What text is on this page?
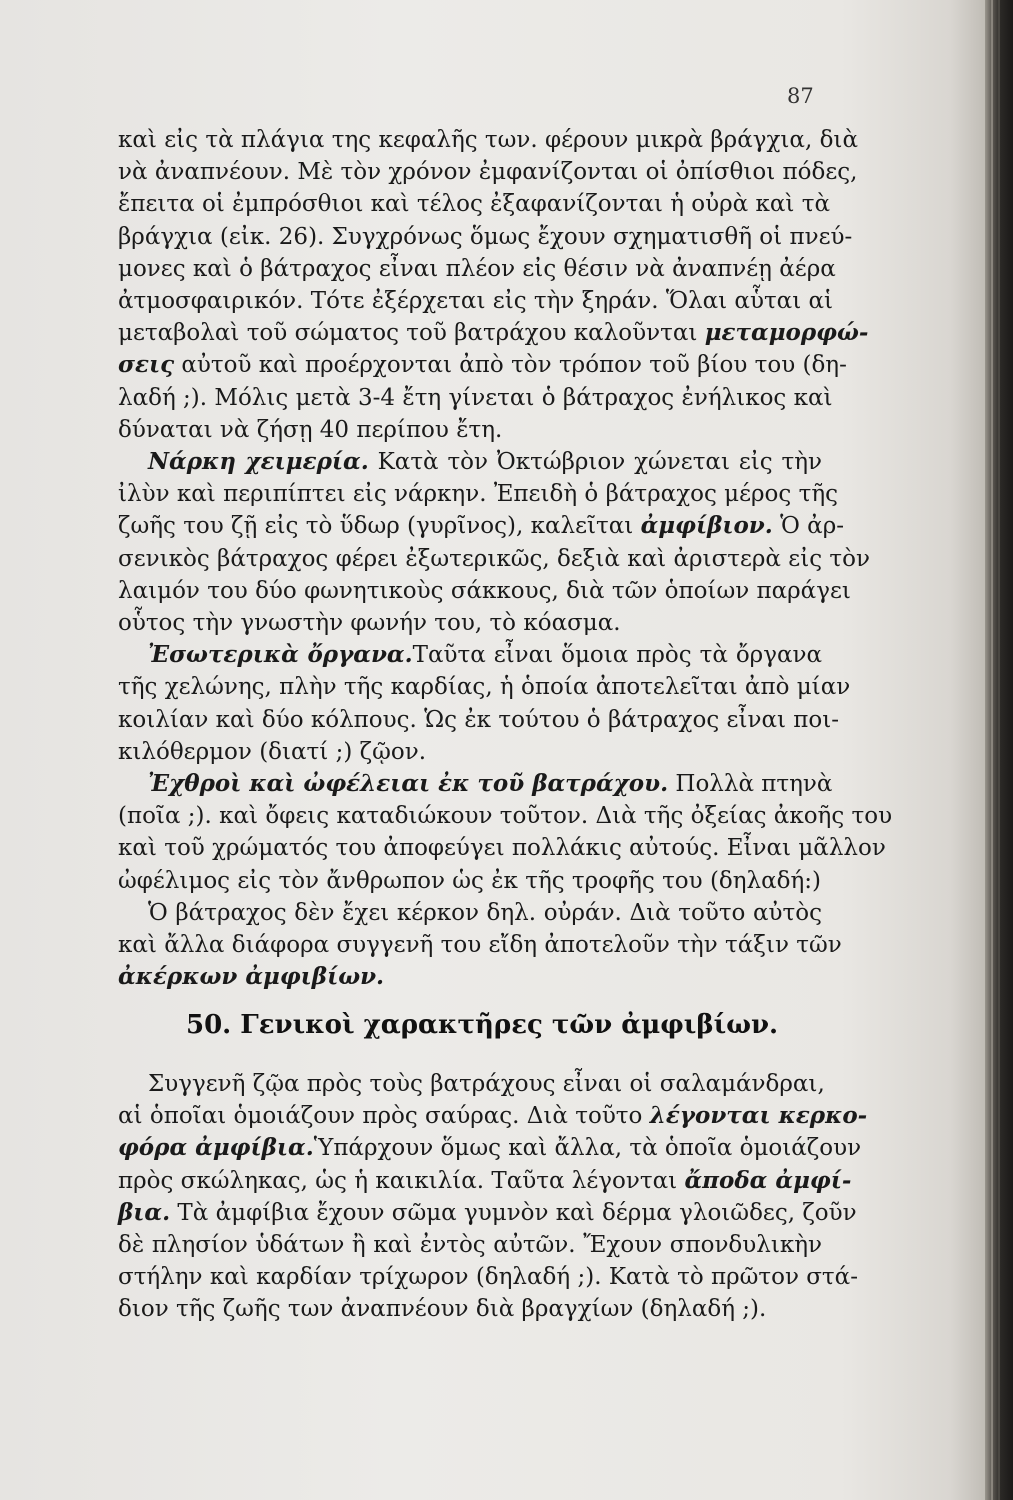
87
καὶ εἰς τὰ πλάγια της κεφαλῆς των. φέρουν μικρὰ βράγχια, διὰ
νὰ ἀναπνέουν. Μὲ τὸν χρόνον ἐμφανίζονται οἱ ὀπίσθιοι πόδες,
ἔπειτα οἱ ἐμπρόσθιοι καὶ τέλος ἐξαφανίζονται ἡ οὐρὰ καὶ τὰ
βράγχια (εἰκ. 26). Συγχρόνως ὅμως ἔχουν σχηματισθῆ οἱ πνεύ-
μονες καὶ ὁ βάτραχος εἶναι πλέον εἰς θέσιν νὰ ἀναπνέῃ ἀέρα
ἀτμοσφαιρικόν. Τότε ἐξέρχεται εἰς τὴν ξηράν. Ὅλαι αὗται αἱ
μεταβολαὶ τοῦ σώματος τοῦ βατράχου καλοῦνται μεταμορφώ-
σεις αὐτοῦ καὶ προέρχονται ἀπὸ τὸν τρόπον τοῦ βίου του (δη-
λαδή ;). Μόλις μετὰ 3-4 ἔτη γίνεται ὁ βάτραχος ἐνήλικος καὶ
δύναται νὰ ζήσῃ 40 περίπου ἔτη.
Νάρκη χειμερία. Κατὰ τὸν Ὀκτώβριον χώνεται εἰς τὴν
ἰλὺν καὶ περιπίπτει εἰς νάρκην. Ἐπειδὴ ὁ βάτραχος μέρος τῆς
ζωῆς του ζῇ εἰς τὸ ὕδωρ (γυρῖνος), καλεῖται ἀμφίβιον. Ὁ ἀρ-
σενικὸς βάτραχος φέρει ἐξωτερικῶς, δεξιὰ καὶ ἀριστερὰ εἰς τὸν
λαιμόν του δύο φωνητικοὺς σάκκους, διὰ τῶν ὁποίων παράγει
οὗτος τὴν γνωστὴν φωνήν του, τὸ κόασμα.
Ἐσωτερικὰ ὄργανα.Ταῦτα εἶναι ὅμοια πρὸς τὰ ὄργανα
τῆς χελώνης, πλὴν τῆς καρδίας, ἡ ὁποία ἀποτελεῖται ἀπὸ μίαν
κοιλίαν καὶ δύο κόλπους. Ὡς ἐκ τούτου ὁ βάτραχος εἶναι ποι-
κιλόθερμον (διατί ;) ζῷον.
Ἐχθροὶ καὶ ὠφέλειαι ἐκ τοῦ βατράχου. Πολλὰ πτηνὰ
(ποῖα ;). καὶ ὄφεις καταδιώκουν τοῦτον. Διὰ τῆς ὀξείας ἀκοῆς του
καὶ τοῦ χρώματός του ἀποφεύγει πολλάκις αὐτούς. Εἶναι μᾶλλον
ὠφέλιμος εἰς τὸν ἄνθρωπον ὡς ἐκ τῆς τροφῆς του (δηλαδή:)
Ὁ βάτραχος δὲν ἔχει κέρκον δηλ. οὐράν. Διὰ τοῦτο αὐτὸς
καὶ ἄλλα διάφορα συγγενῆ του εἴδη ἀποτελοῦν τὴν τάξιν τῶν
ἀκέρκων ἀμφιβίων.
50. Γενικοὶ χαρακτῆρες τῶν ἀμφιβίων.
Συγγενῆ ζῷα πρὸς τοὺς βατράχους εἶναι οἱ σαλαμάνδραι,
αἱ ὁποῖαι ὁμοιάζουν πρὸς σαύρας. Διὰ τοῦτο λέγονται κερκο-
φόρα ἀμφίβια.Ὑπάρχουν ὅμως καὶ ἄλλα, τὰ ὁποῖα ὁμοιάζουν
πρὸς σκώληκας, ὡς ἡ καικιλία. Ταῦτα λέγονται ἄποδα ἀμφί-
βια. Τὰ ἀμφίβια ἔχουν σῶμα γυμνὸν καὶ δέρμα γλοιῶδες, ζοῦν
δὲ πλησίον ὑδάτων ἢ καὶ ἐντὸς αὐτῶν. Ἔχουν σπονδυλικὴν
στήλην καὶ καρδίαν τρίχωρον (δηλαδή ;). Κατὰ τὸ πρῶτον στά-
διον τῆς ζωῆς των ἀναπνέουν διὰ βραγχίων (δηλαδή ;).
